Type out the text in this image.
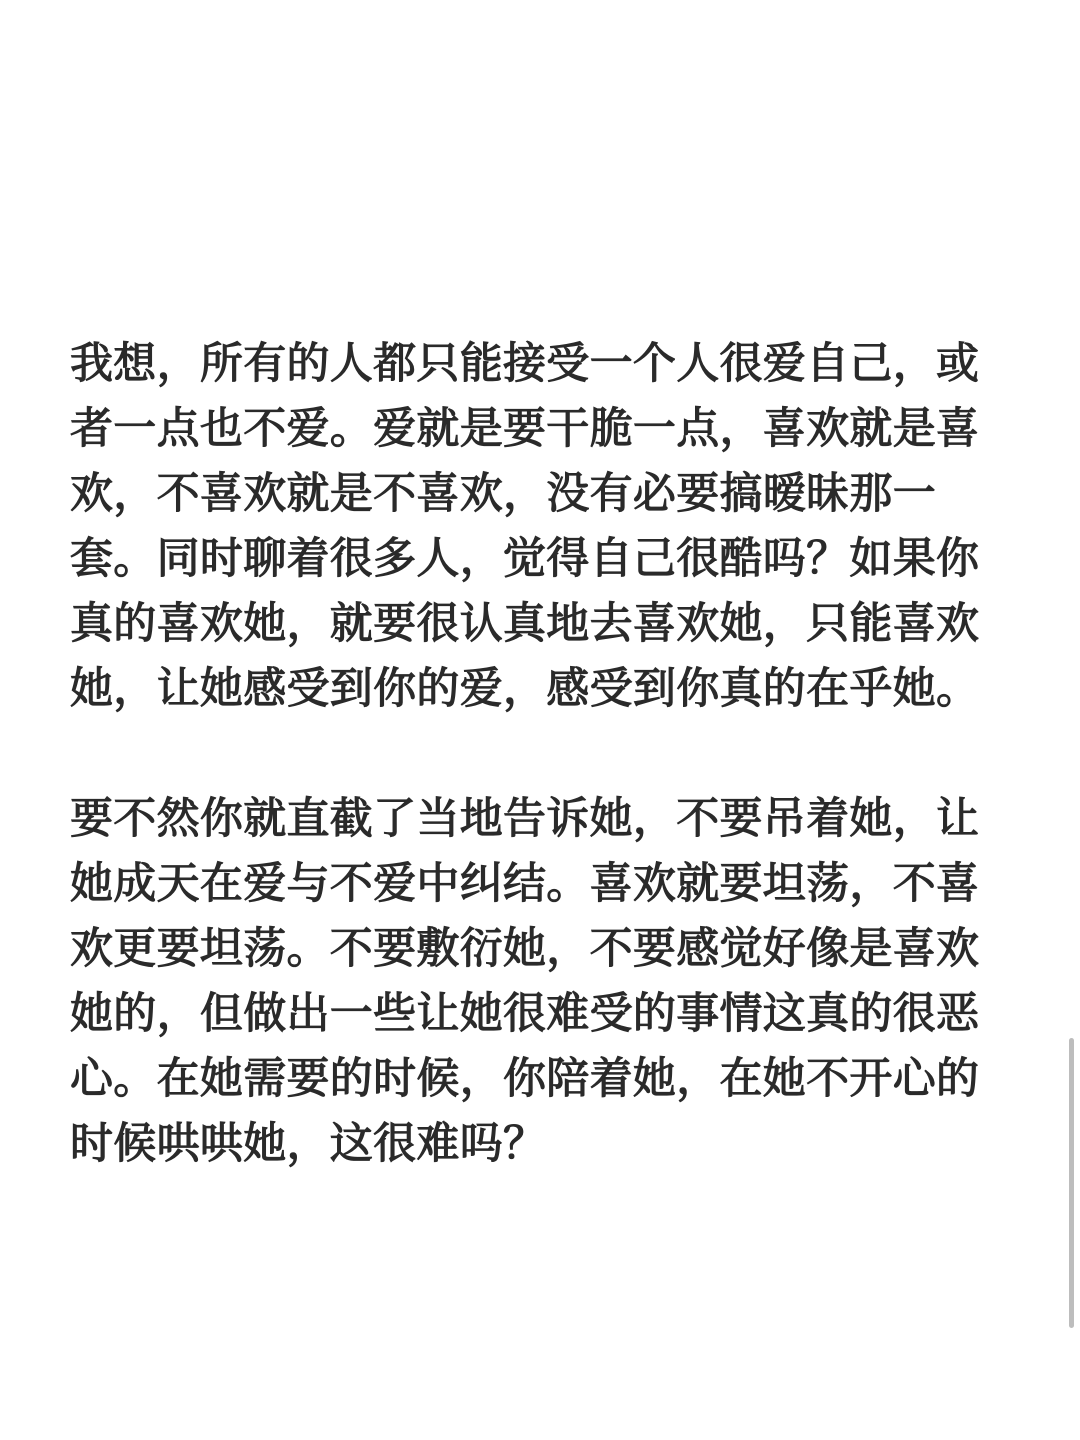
我想，所有的人都只能接受一个人很爱自己，或
者一点也不爱。爱就是要干脆一点，喜欢就是喜
欢，不喜欢就是不喜欢，没有必要搞暧昧那一
套。同时聊着很多人，觉得自己很酷吗？如果你
真的喜欢她，就要很认真地去喜欢她，只能喜欢
她，让她感受到你的爱，感受到你真的在乎她。

要不然你就直截了当地告诉她，不要吊着她，让
她成天在爱与不爱中纠结。喜欢就要坦荡，不喜
欢更要坦荡。不要敷衍她，不要感觉好像是喜欢
她的，但做出一些让她很难受的事情这真的很恶
心。在她需要的时候，你陪着她，在她不开心的
时候哄哄她，这很难吗？
